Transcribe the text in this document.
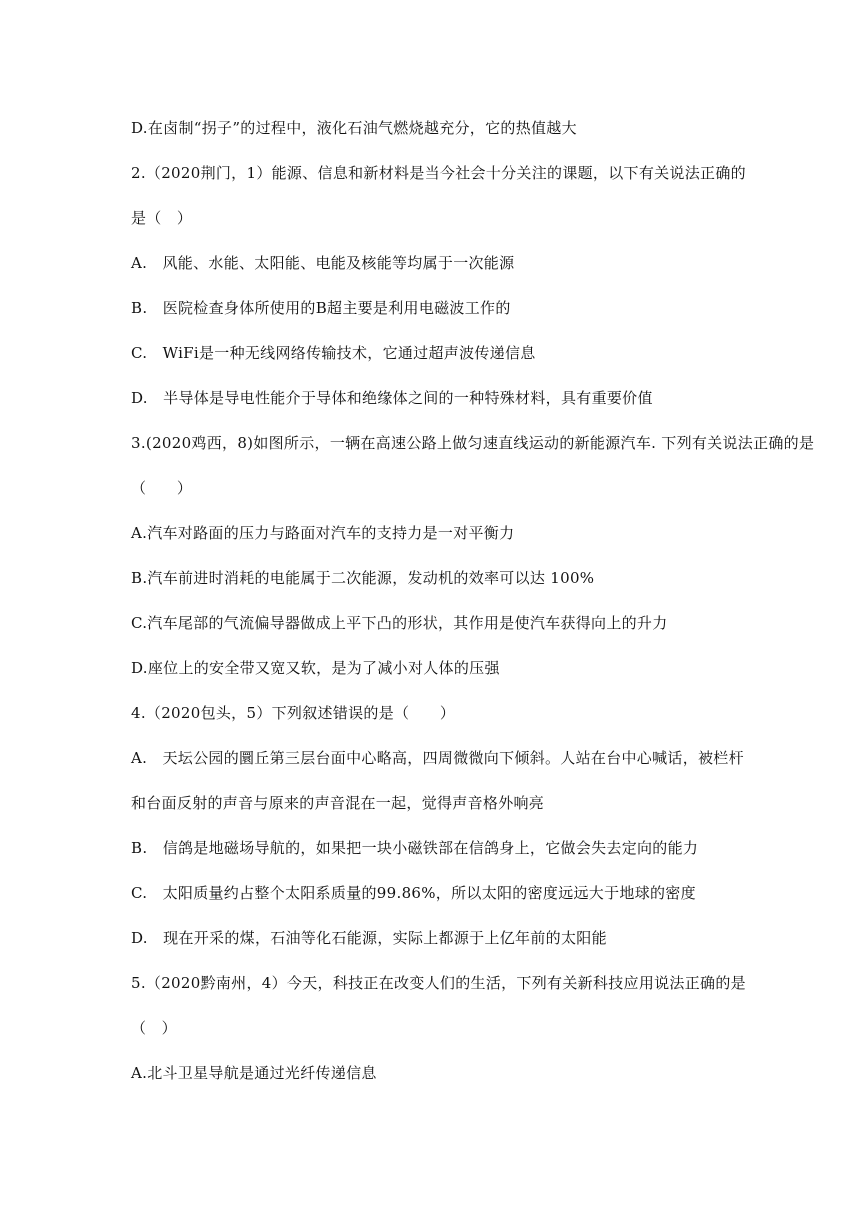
D.在卤制“拐子”的过程中，液化石油气燃烧越充分，它的热值越大
2.（2020荆门，1）能源、信息和新材料是当今社会十分关注的课题，以下有关说法正确的
是（　）
A.　风能、水能、太阳能、电能及核能等均属于一次能源
B.　医院检查身体所使用的B超主要是利用电磁波工作的
C.　WiFi是一种无线网络传输技术，它通过超声波传递信息
D.　半导体是导电性能介于导体和绝缘体之间的一种特殊材料，具有重要价值
3.(2020鸡西，8)如图所示，一辆在高速公路上做匀速直线运动的新能源汽车. 下列有关说法正确的是
（　　）
A.汽车对路面的压力与路面对汽车的支持力是一对平衡力
B.汽车前进时消耗的电能属于二次能源，发动机的效率可以达 100%
C.汽车尾部的气流偏导器做成上平下凸的形状，其作用是使汽车获得向上的升力
D.座位上的安全带又宽又软，是为了减小对人体的压强
4.（2020包头，5）下列叙述错误的是（　　）
A.　天坛公园的圜丘第三层台面中心略高，四周微微向下倾斜。人站在台中心喊话，被栏杆
和台面反射的声音与原来的声音混在一起，觉得声音格外响亮
B.　信鸽是地磁场导航的，如果把一块小磁铁部在信鸽身上，它做会失去定向的能力
C.　太阳质量约占整个太阳系质量的99.86%，所以太阳的密度远远大于地球的密度
D.　现在开采的煤，石油等化石能源，实际上都源于上亿年前的太阳能
5.（2020黔南州，4）今天，科技正在改变人们的生活，下列有关新科技应用说法正确的是
（　）
A.北斗卫星导航是通过光纤传递信息
